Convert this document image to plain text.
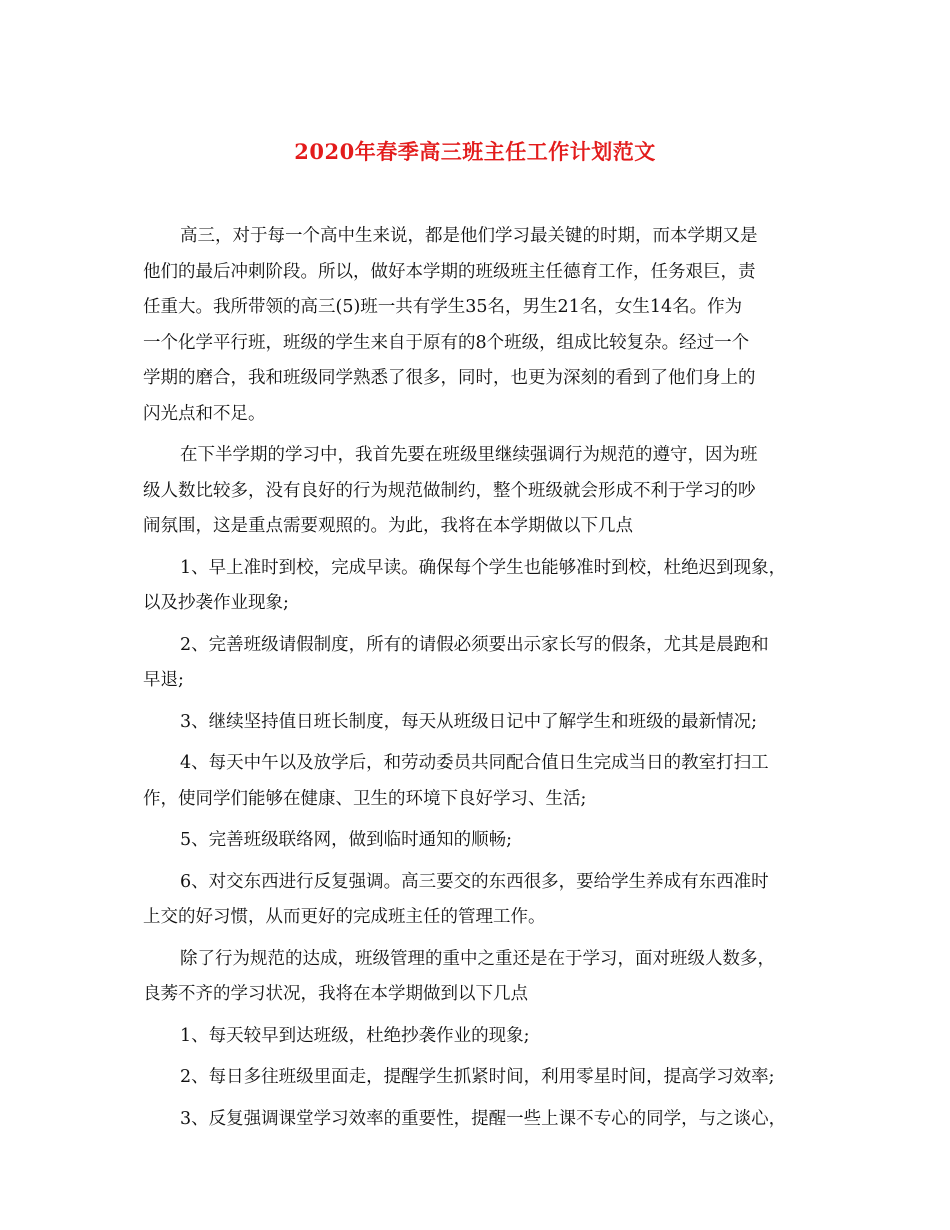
2020年春季高三班主任工作计划范文
高三，对于每一个高中生来说，都是他们学习最关键的时期，而本学期又是
他们的最后冲刺阶段。所以，做好本学期的班级班主任德育工作，任务艰巨，责
任重大。我所带领的高三(5)班一共有学生35名，男生21名，女生14名。作为
一个化学平行班，班级的学生来自于原有的8个班级，组成比较复杂。经过一个
学期的磨合，我和班级同学熟悉了很多，同时，也更为深刻的看到了他们身上的
闪光点和不足。
在下半学期的学习中，我首先要在班级里继续强调行为规范的遵守，因为班
级人数比较多，没有良好的行为规范做制约，整个班级就会形成不利于学习的吵
闹氛围，这是重点需要观照的。为此，我将在本学期做以下几点
1、早上准时到校，完成早读。确保每个学生也能够准时到校，杜绝迟到现象，
以及抄袭作业现象;
2、完善班级请假制度，所有的请假必须要出示家长写的假条，尤其是晨跑和
早退;
3、继续坚持值日班长制度，每天从班级日记中了解学生和班级的最新情况;
4、每天中午以及放学后，和劳动委员共同配合值日生完成当日的教室打扫工
作，使同学们能够在健康、卫生的环境下良好学习、生活;
5、完善班级联络网，做到临时通知的顺畅;
6、对交东西进行反复强调。高三要交的东西很多，要给学生养成有东西准时
上交的好习惯，从而更好的完成班主任的管理工作。
除了行为规范的达成，班级管理的重中之重还是在于学习，面对班级人数多，
良莠不齐的学习状况，我将在本学期做到以下几点
1、每天较早到达班级，杜绝抄袭作业的现象;
2、每日多往班级里面走，提醒学生抓紧时间，利用零星时间，提高学习效率;
3、反复强调课堂学习效率的重要性，提醒一些上课不专心的同学，与之谈心，
